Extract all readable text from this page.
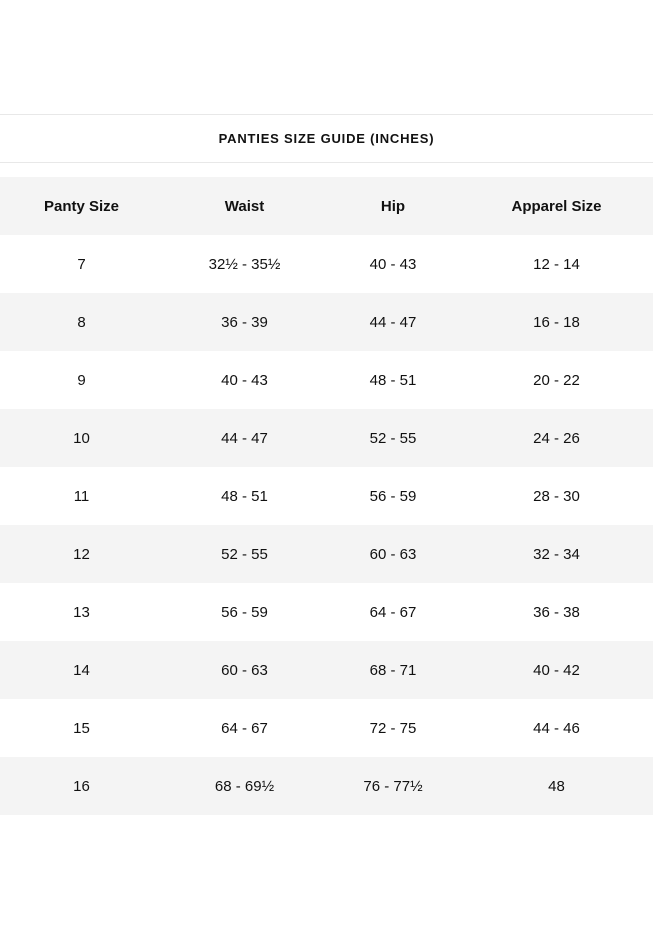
PANTIES SIZE GUIDE (INCHES)
Panty Size	Waist	Hip	Apparel Size
7	32½ - 35½	40 - 43	12 - 14
8	36 - 39	44 - 47	16 - 18
9	40 - 43	48 - 51	20 - 22
10	44 - 47	52 - 55	24 - 26
11	48 - 51	56 - 59	28 - 30
12	52 - 55	60 - 63	32 - 34
13	56 - 59	64 - 67	36 - 38
14	60 - 63	68 - 71	40 - 42
15	64 - 67	72 - 75	44 - 46
16	68 - 69½	76 - 77½	48
